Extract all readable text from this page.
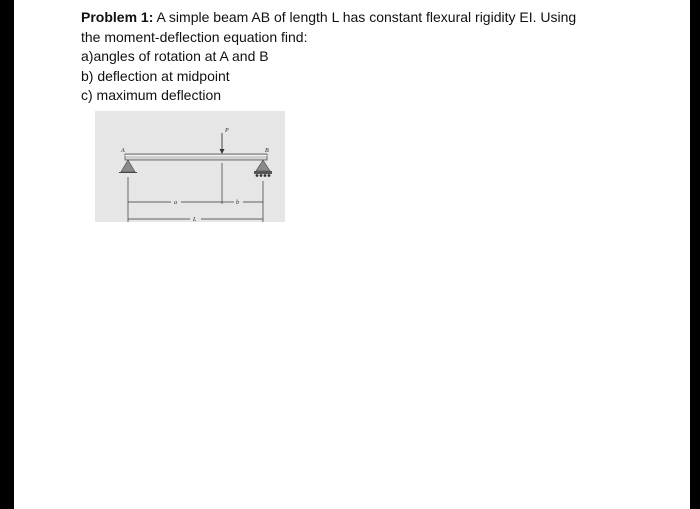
Problem 1: A simple beam AB of length L has constant flexural rigidity EI. Using
the moment-deflection equation find:
a)angles of rotation at A and B
b) deflection at midpoint
c) maximum deflection
P
A	B
a	b
L
